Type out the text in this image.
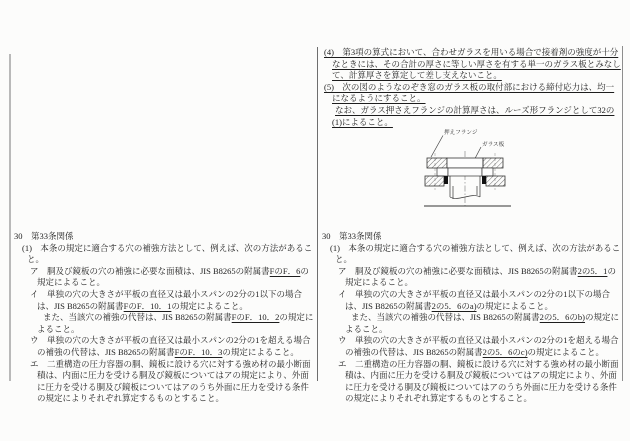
(4)　第3項の算式において、合わせガラスを用いる場合で接着剤の強度が十分なときには、その合計の厚さに等しい厚さを有する単一のガラス板とみなして、計算厚さを算定して差し支えないこと。

(5)　次の図のようなのぞき窓のガラス板の取付部における締付応力は、均一になるようにすること。

なお、ガラス押さえフランジの計算厚さは、ルーズ形フランジとして32の(1)によること。

押えフランジ
ガラス板

30　第33条関係

(1)　本条の規定に適合する穴の補強方法として、例えば、次の方法があること。

ア　胴及び鏡板の穴の補強に必要な面積は、JIS B8265の附属書FのF．6の規定によること。

イ　単独の穴の大きさが平板の直径又は最小スパンの2分の1以下の場合は、JIS B8265の附属書FのF．10．1の規定によること。

また、当該穴の補強の代替は、JIS B8265の附属書FのF．10．2の規定によること。

ウ　単独の穴の大きさが平板の直径又は最小スパンの2分の1を超える場合の補強の代替は、JIS B8265の附属書FのF．10．3の規定によること。

エ　二重構造の圧力容器の胴、鏡板に設ける穴に対する強め材の最小断面積は、内面に圧力を受ける胴及び鏡板についてはアの規定により、外面に圧力を受ける胴及び鏡板についてはアのうち外面に圧力を受ける条件の規定によりそれぞれ算定するものとすること。

30　第33条関係

(1)　本条の規定に適合する穴の補強方法として、例えば、次の方法があること。

ア　胴及び鏡板の穴の補強に必要な面積は、JIS B8265の附属書2の5．1の規定によること。

イ　単独の穴の大きさが平板の直径又は最小スパンの2分の1以下の場合は、JIS B8265の附属書2の5．6のa)の規定によること。

また、当該穴の補強の代替は、JIS B8265の附属書2の5．6のb)の規定によること。

ウ　単独の穴の大きさが平板の直径又は最小スパンの2分の1を超える場合の補強の代替は、JIS B8265の附属書2の5．6のc)の規定によること。

エ　二重構造の圧力容器の胴、鏡板に設ける穴に対する強め材の最小断面積は、内面に圧力を受ける胴及び鏡板についてはアの規定により、外面に圧力を受ける胴及び鏡板についてはアのうち外面に圧力を受ける条件の規定によりそれぞれ算定するものとすること。
